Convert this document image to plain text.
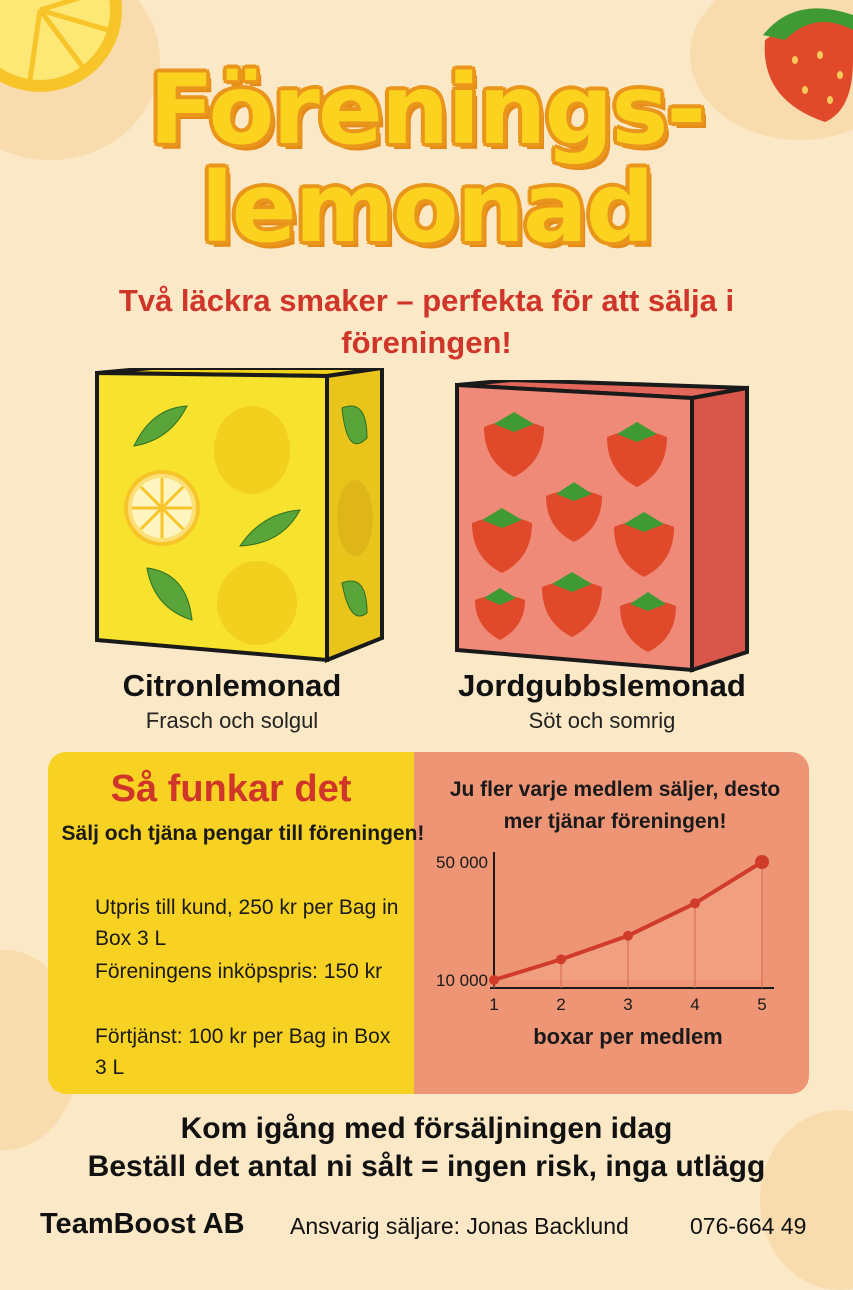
Förenings-
lemonad
Två läckra smaker – perfekta för att sälja i föreningen!
Citronlemonad
Frasch och solgul
Jordgubbslemonad
Söt och somrig
Så funkar det
Sälj och tjäna pengar till föreningen!
Utpris till kund, 250 kr per Bag in Box 3 L
Föreningens inköpspris: 150 kr
Förtjänst: 100 kr per Bag in Box 3 L
Ju fler varje medlem säljer, desto mer tjänar föreningen!
10 000
50 000
1	2	3	4	5
boxar per medlem
Kom igång med försäljningen idag
Beställ det antal ni sålt = ingen risk, inga utlägg
TeamBoost AB Ansvarig säljare: Jonas Backlund	076-664 49
